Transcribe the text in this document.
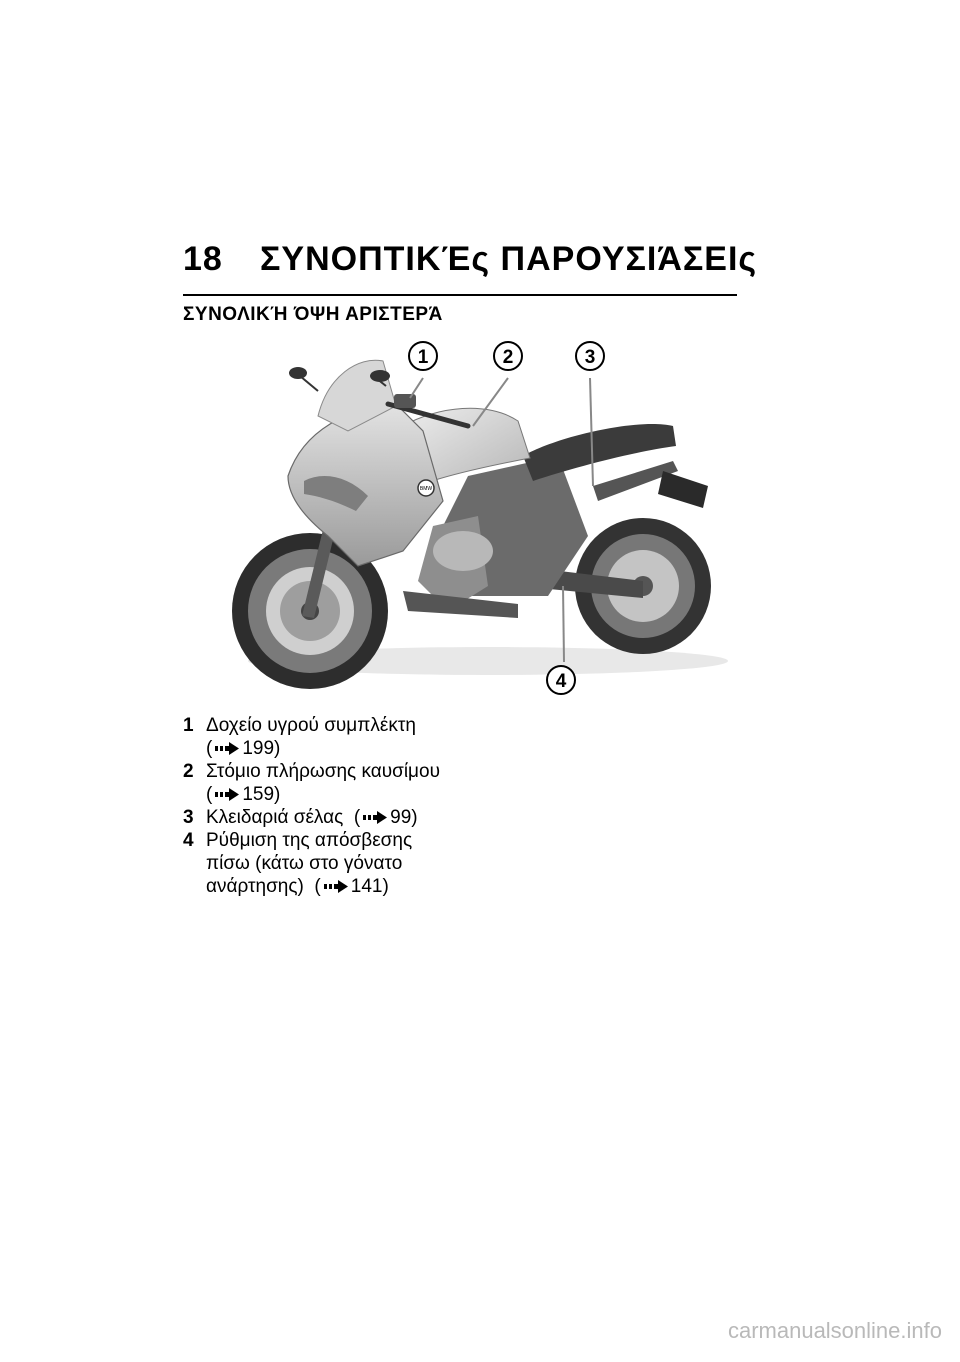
18 ΣΥΝΟΠΤΙΚΈς ΠΑΡΟΥΣΙΆΣΕΙς
ΣΥΝΟΛΙΚΉ ΌΨΗ ΑΡΙΣΤΕΡΆ
BMW
1	2	3
4
1 Δοχείο υγρού συμπλέκτη
( 199)
2 Στόμιο πλήρωσης καυσίμου
( 159)
3 Κλειδαριά σέλας ( 99)
4 Ρύθμιση της απόσβεσης
πίσω (κάτω στο γόνατο
ανάρτησης) ( 141)
carmanualsonline.info
